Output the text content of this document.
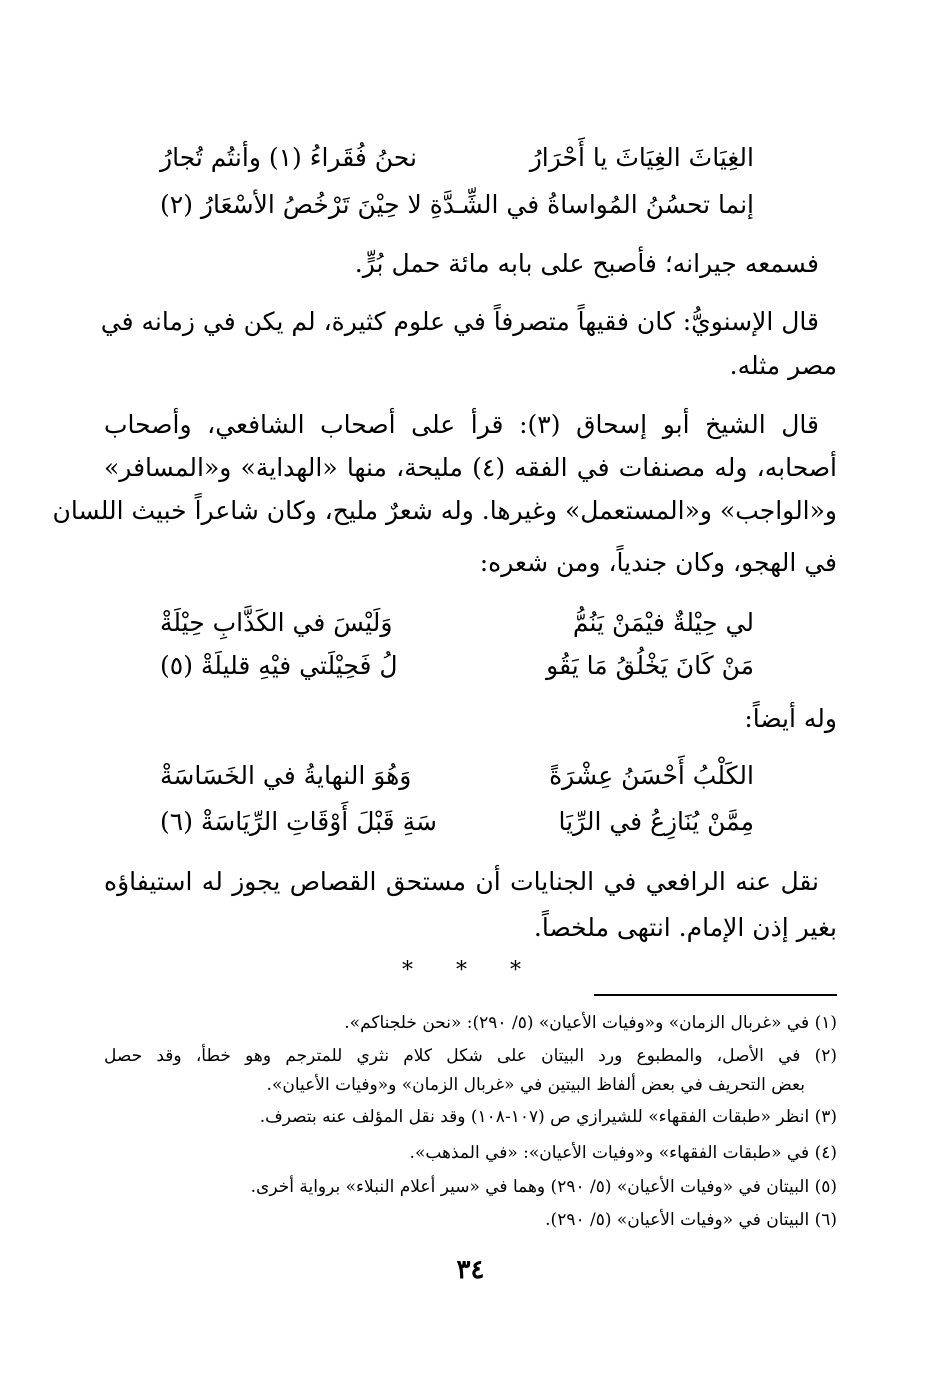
الغِيَاثَ الغِيَاثَ يا أَحْرَارُ
نحنُ فُقَراءُ (١) وأنتُم تُجارُ
إنما تحسُنُ المُواساةُ في الشِّـ
ـدَّةِ لا حِيْنَ تَرْخُصُ الأسْعَارُ (٢)
فسمعه جيرانه؛ فأصبح على بابه مائة حمل بُرٍّ.
قال الإسنويُّ: كان فقيهاً متصرفاً في علوم كثيرة، لم يكن في زمانه في
مصر مثله.
قال الشيخ أبو إسحاق (٣): قرأ على أصحاب الشافعي، وأصحاب
أصحابه، وله مصنفات في الفقه (٤) مليحة، منها «الهداية» و«المسافر»
و«الواجب» و«المستعمل» وغيرها. وله شعرٌ مليح، وكان شاعراً خبيث اللسان
في الهجو، وكان جندياً، ومن شعره:
لي حِيْلةٌ فيْمَنْ يَنُمُّ
وَلَيْسَ في الكَذَّابِ حِيْلَةْ
مَنْ كَانَ يَخْلُقُ مَا يَقُو
لُ فَحِيْلَتي فيْهِ قليلَةْ (٥)
وله أيضاً:
الكَلْبُ أَحْسَنُ عِشْرَةً
وَهُوَ النهايةُ في الخَسَاسَةْ
مِمَّنْ يُنَازِعُ في الرِّيَا
سَةِ قَبْلَ أَوْقَاتِ الرِّيَاسَةْ (٦)
نقل عنه الرافعي في الجنايات أن مستحق القصاص يجوز له استيفاؤه
بغير إذن الإمام. انتهى ملخصاً.
* * *
(١) في «غربال الزمان» و«وفيات الأعيان» (٥/ ٢٩٠): «نحن خلجناكم».
(٢) في الأصل، والمطبوع ورد البيتان على شكل كلام نثري للمترجم وهو خطأ، وقد حصل
بعض التحريف في بعض ألفاظ البيتين في «غربال الزمان» و«وفيات الأعيان».
(٣) انظر «طبقات الفقهاء» للشيرازي ص (١٠٧-١٠٨) وقد نقل المؤلف عنه بتصرف.
(٤) في «طبقات الفقهاء» و«وفيات الأعيان»: «في المذهب».
(٥) البيتان في «وفيات الأعيان» (٥/ ٢٩٠) وهما في «سير أعلام النبلاء» برواية أخرى.
(٦) البيتان في «وفيات الأعيان» (٥/ ٢٩٠).
٣٤
